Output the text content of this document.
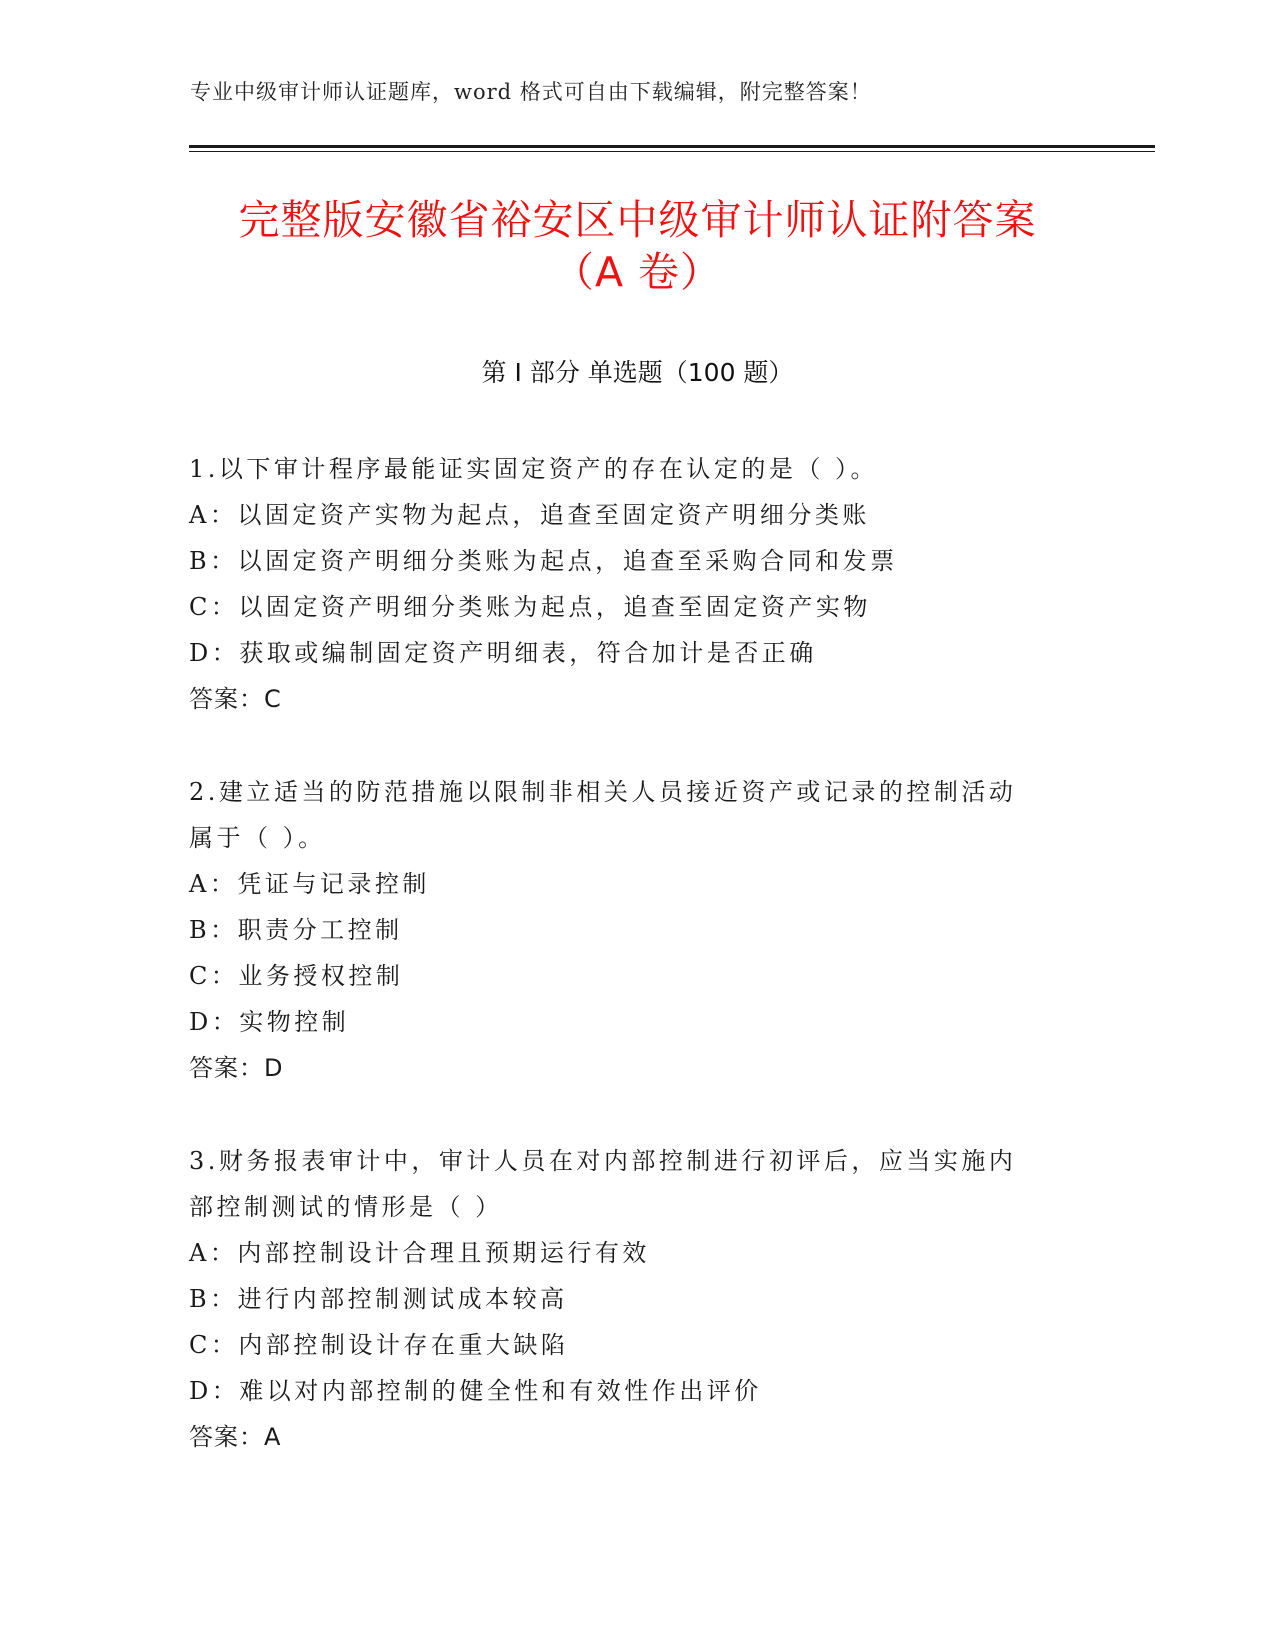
专业中级审计师认证题库，word 格式可自由下载编辑，附完整答案！
完整版安徽省裕安区中级审计师认证附答案
（A 卷）
第 I 部分 单选题（100 题）
1.以下审计程序最能证实固定资产的存在认定的是（ ）。
A：以固定资产实物为起点，追查至固定资产明细分类账
B：以固定资产明细分类账为起点，追查至采购合同和发票
C：以固定资产明细分类账为起点，追查至固定资产实物
D：获取或编制固定资产明细表，符合加计是否正确
答案：C
2.建立适当的防范措施以限制非相关人员接近资产或记录的控制活动
属于（ ）。
A：凭证与记录控制
B：职责分工控制
C：业务授权控制
D：实物控制
答案：D
3.财务报表审计中，审计人员在对内部控制进行初评后，应当实施内
部控制测试的情形是（ ）
A：内部控制设计合理且预期运行有效
B：进行内部控制测试成本较高
C：内部控制设计存在重大缺陷
D：难以对内部控制的健全性和有效性作出评价
答案：A
